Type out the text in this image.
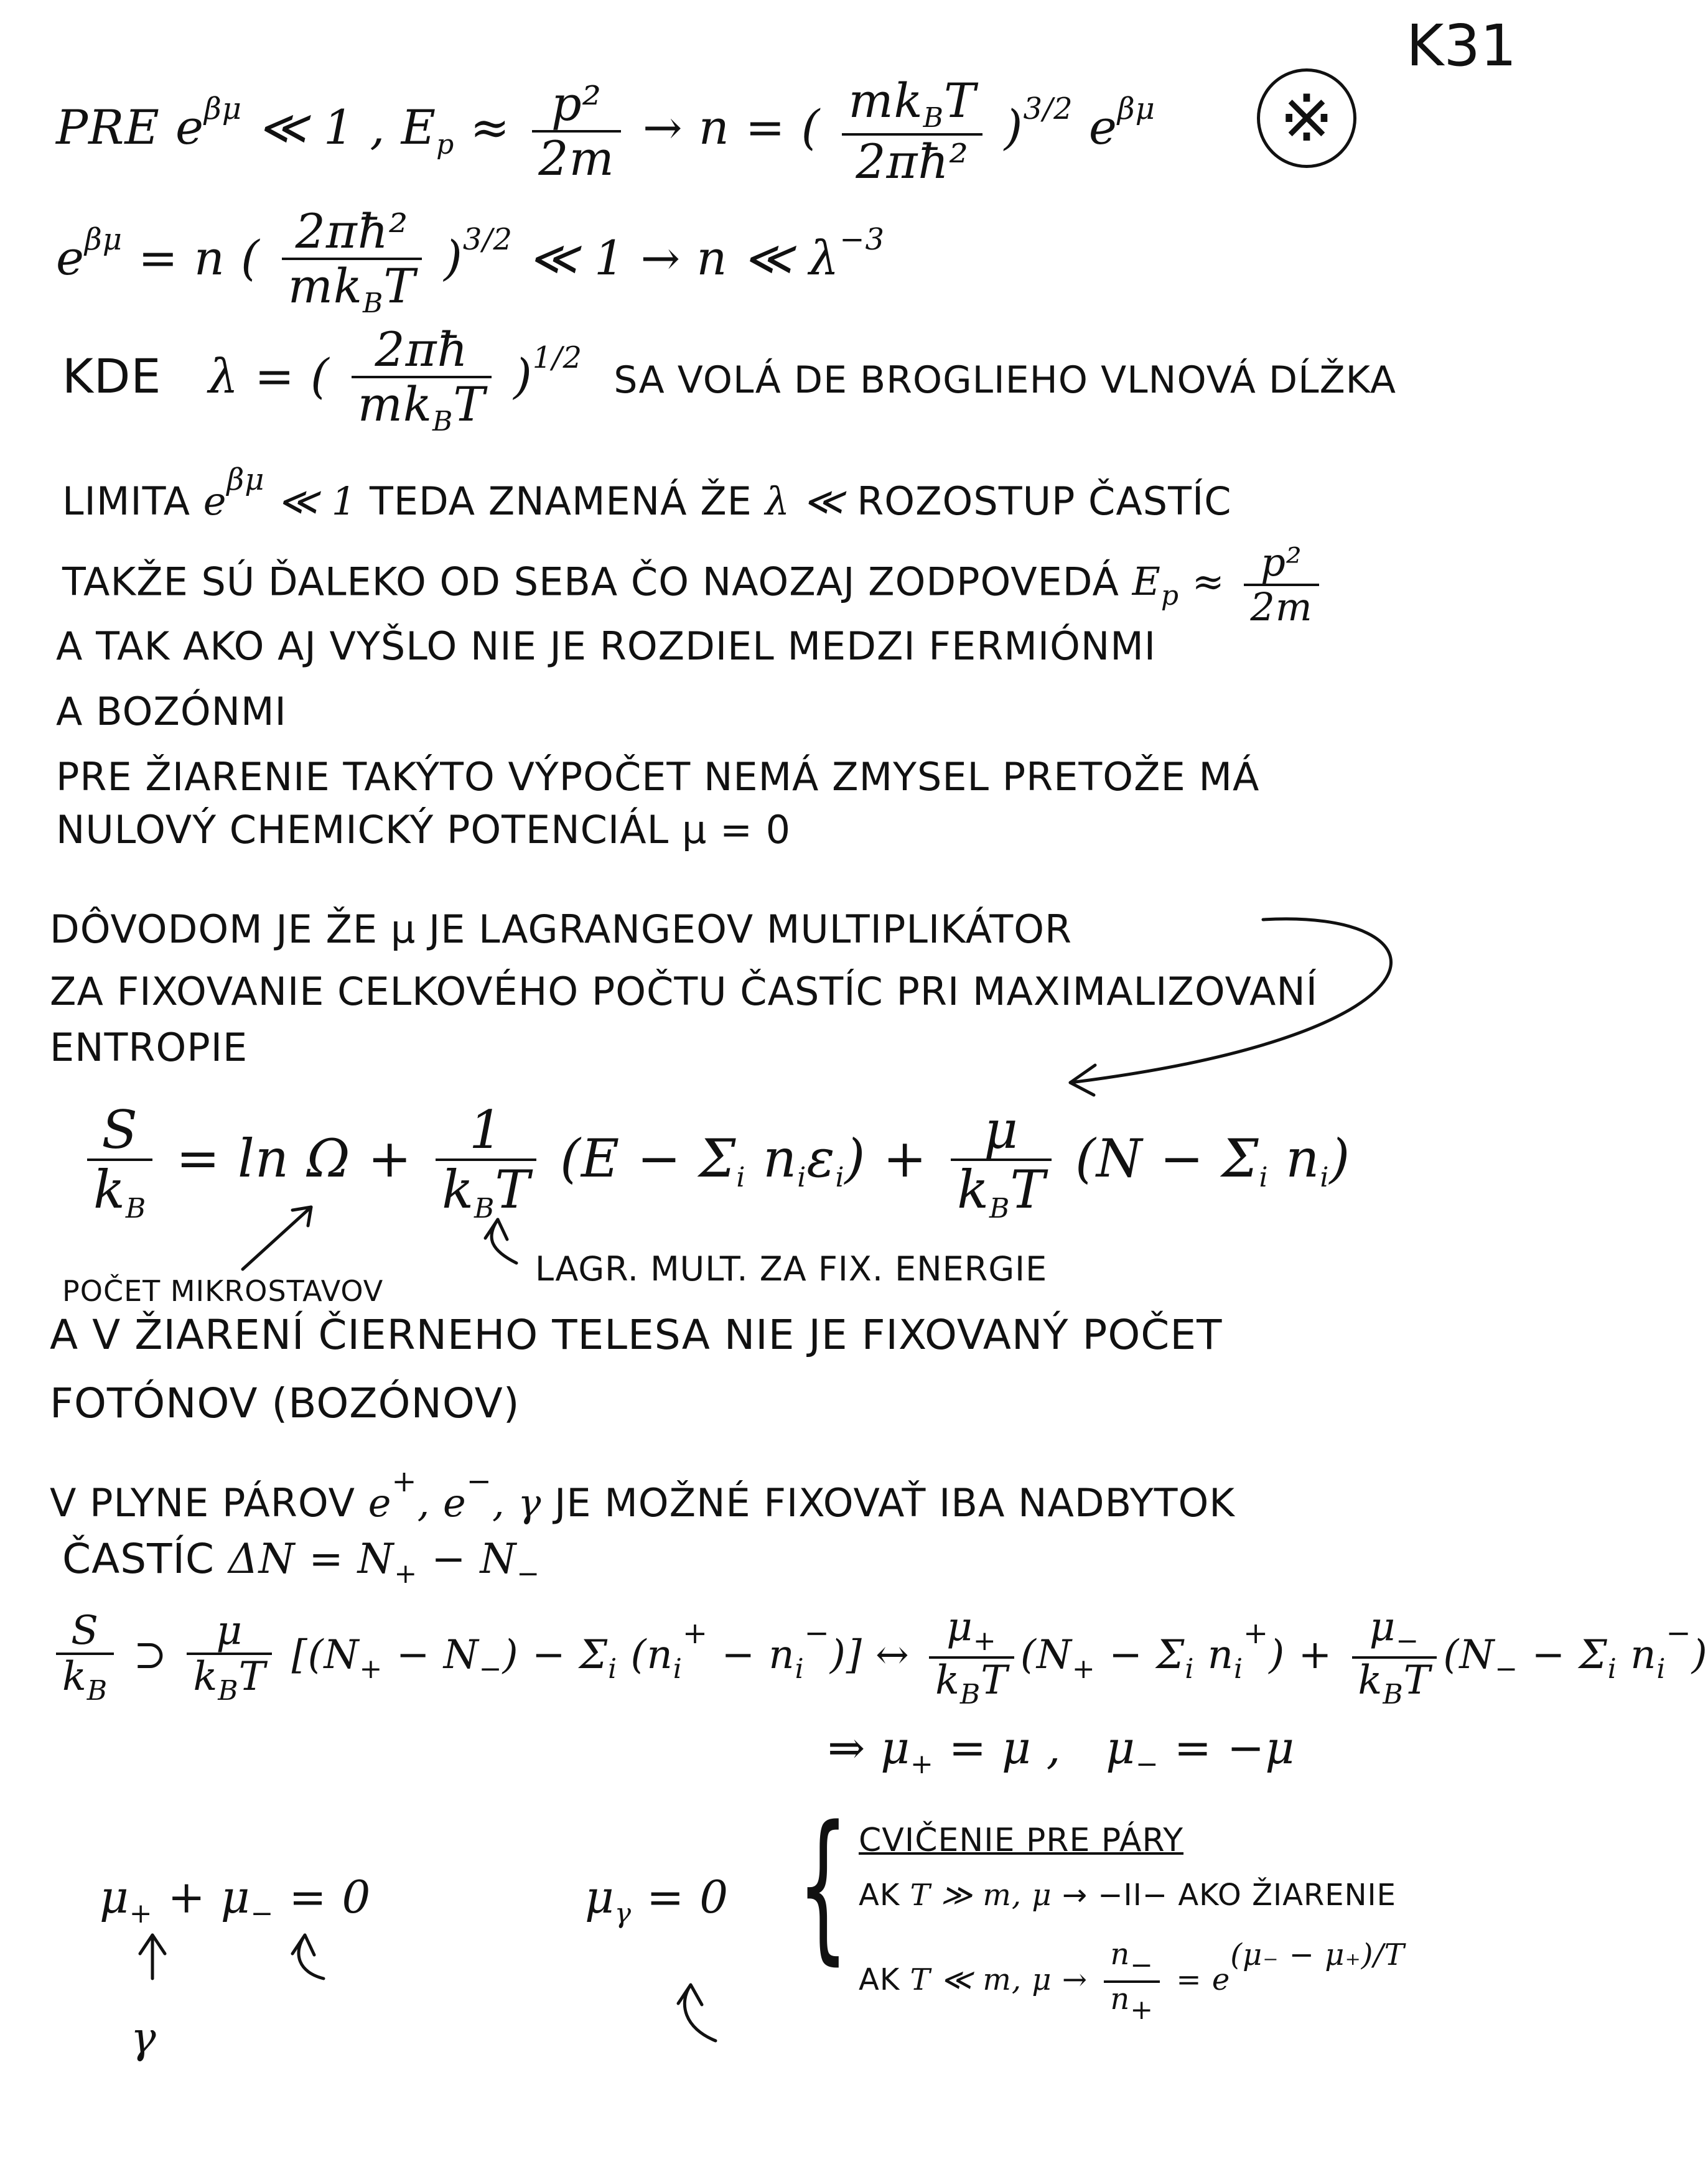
K31
※
PRE $e^{\beta\mu}$ ≪ 1 , $E_p \approx \frac{\text{p²}}{2m} \to n$ = ( $\frac{mk_BT}{\text{2πħ²}} )^{3/2}$ $e^{\beta\mu}$
$e^{\beta\mu} = n$ ( $\frac{\text{2πħ²}}{mk_BT} )^{3/2}$ ≪ 1 → n ≪ $\lambda^{-3}$
KDE λ = ( $\frac{2\pi ħ}{mk_BT} )^{1/2}$  SA VOLÁ DE BROGLIEHO VLNOVÁ DĹŽKA
LIMITA $e^{\beta\mu}$ ≪ 1 TEDA ZNAMENÁ ŽE λ ≪ ROZOSTUP ČASTÍC
TAKŽE SÚ ĎALEKO OD SEBA ČO NAOZAJ ZODPOVEDÁ $E_p \approx \frac{\text{p²}}{2m}$
A TAK AKO AJ VYŠLO NIE JE ROZDIEL MEDZI FERMIÓNMI
A BOZÓNMI
PRE ŽIARENIE TAKÝTO VÝPOČET NEMÁ ZMYSEL PRETOŽE MÁ
NULOVÝ CHEMICKÝ POTENCIÁL μ = 0
DÔVODOM JE ŽE μ JE LAGRANGEOV MULTIPLIKÁTOR
ZA FIXOVANIE CELKOVÉHO POČTU ČASTÍC PRI MAXIMALIZOVANÍ
ENTROPIE
$\frac{S}{k_B} = \ln \Omega + \frac{1}{k_BT} (E - \Sigma_i$ $n_i\varepsilon_i) + \frac{\mu}{k_BT} (N - \Sigma_i$ $n_i$)
POČET MIKROSTAVOV
LAGR. MULT. ZA FIX. ENERGIE
A V ŽIARENÍ ČIERNEHO TELESA NIE JE FIXOVANÝ POČET
FOTÓNOV (BOZÓNOV)
V PLYNE PÁROV e+, e−, γ JE MOŽNÉ FIXOVAŤ IBA NADBYTOK
ČASTÍC $\Delta N = N_+ - N_-$
$\frac{S}{k_B}$ ⊃ $\frac{\mu}{k_BT} [(N_+ - N_-) - \Sigma_i$ $(n_i^+ - n_i^-)$] ↔ $\frac{\mu_+}{k_BT} (N_+ - \Sigma_i$ $n_i^+) + \frac{\mu_-}{k_BT} (N_- - \Sigma_i$ $n_i^-$)
⇒ $\mu_+ = \mu$ ,   $\mu_- = -\mu$
$\mu_+ + \mu_- = 0$	$\mu_\gamma = 0$
γ
{ CVIČENIE PRE PÁRY
AK T ≫ m, μ → −II− AKO ŽIARENIE
AK T ≪ m, $\mu \to \frac{n-}{n+} = e(\mu_- - \mu_+)/T$
